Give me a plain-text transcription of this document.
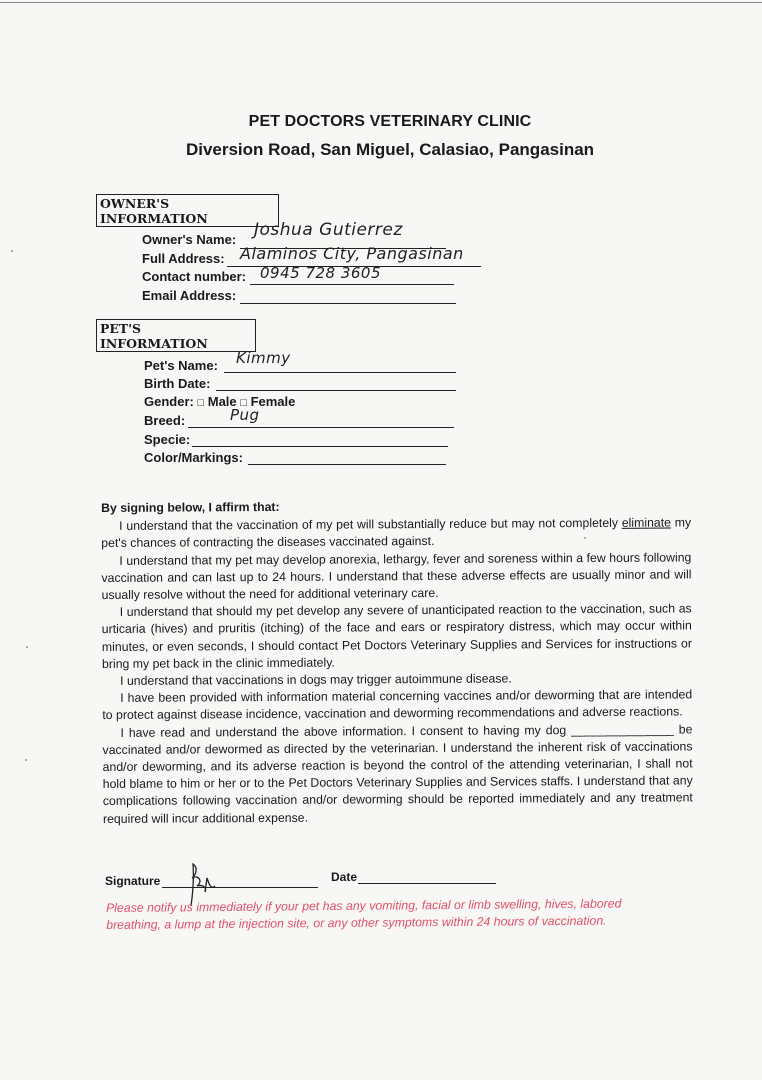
PET DOCTORS VETERINARY CLINIC
Diversion Road, San Miguel, Calasiao, Pangasinan
OWNER'S INFORMATION
Owner's Name: Joshua Gutierrez
Full Address: Alaminos City, Pangasinan
Contact number: 0945 728 3605
Email Address:
PET'S INFORMATION
Pet's Name: Kimmy
Birth Date:
Gender: □ Male □ Female
Breed:	Pug
Specie:
Color/Markings:
By signing below, I affirm that:

I understand that the vaccination of my pet will substantially reduce but may not completely eliminate my pet's chances of contracting the diseases vaccinated against.

I understand that my pet may develop anorexia, lethargy, fever and soreness within a few hours following vaccination and can last up to 24 hours. I understand that these adverse effects are usually minor and will usually resolve without the need for additional veterinary care.

I understand that should my pet develop any severe of unanticipated reaction to the vaccination, such as urticaria (hives) and pruritis (itching) of the face and ears or respiratory distress, which may occur within minutes, or even seconds, I should contact Pet Doctors Veterinary Supplies and Services for instructions or bring my pet back in the clinic immediately.

I understand that vaccinations in dogs may trigger autoimmune disease.

I have been provided with information material concerning vaccines and/or deworming that are intended to protect against disease incidence, vaccination and deworming recommendations and adverse reactions.

I have read and understand the above information. I consent to having my dog _______________ be vaccinated and/or dewormed as directed by the veterinarian. I understand the inherent risk of vaccinations and/or deworming, and its adverse reaction is beyond the control of the attending veterinarian, I shall not hold blame to him or her or to the Pet Doctors Veterinary Supplies and Services staffs. I understand that any complications following vaccination and/or deworming should be reported immediately and any treatment required will incur additional expense.

Signature	Date
Please notify us immediately if your pet has any vomiting, facial or limb swelling, hives, labored breathing, a lump at the injection site, or any other symptoms within 24 hours of vaccination.
